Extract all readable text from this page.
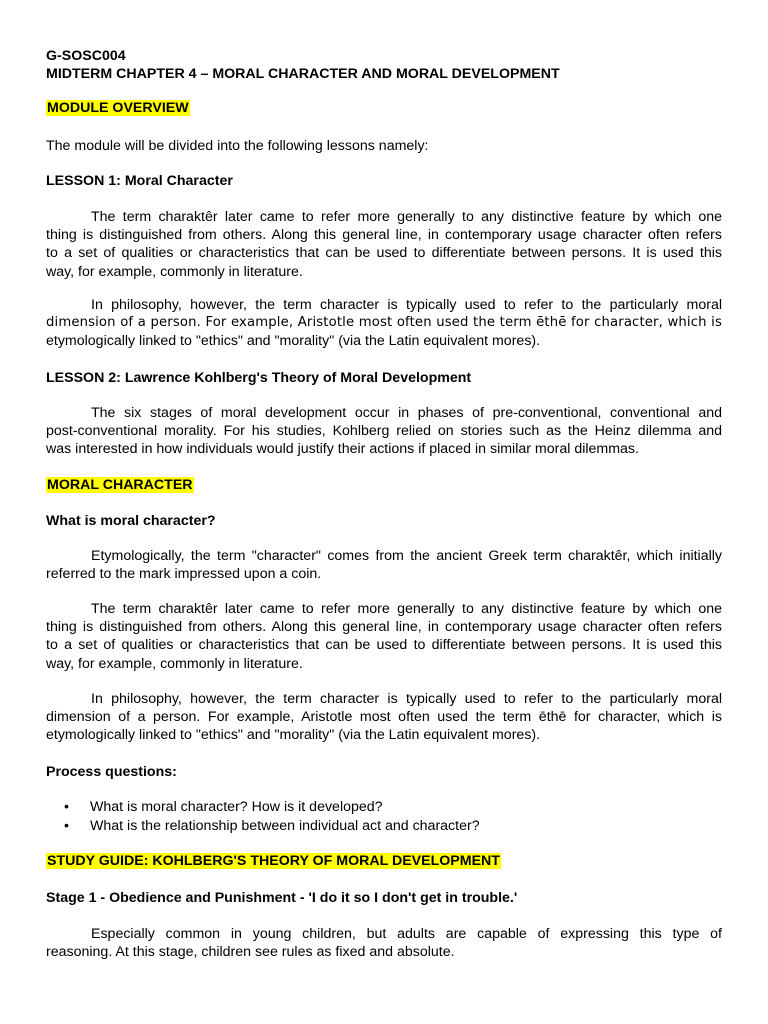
G-SOSC004
MIDTERM CHAPTER 4 – MORAL CHARACTER AND MORAL DEVELOPMENT
MODULE OVERVIEW
The module will be divided into the following lessons namely:
LESSON 1: Moral Character
The term charaktêr later came to refer more generally to any distinctive feature by which one
thing is distinguished from others. Along this general line, in contemporary usage character often refers
to a set of qualities or characteristics that can be used to differentiate between persons. It is used this
way, for example, commonly in literature.
In philosophy, however, the term character is typically used to refer to the particularly moral
dimension of a person. For example, Aristotle most often used the term ēthē for character, which is
etymologically linked to "ethics" and "morality" (via the Latin equivalent mores).
LESSON 2: Lawrence Kohlberg's Theory of Moral Development
The six stages of moral development occur in phases of pre-conventional, conventional and
post-conventional morality. For his studies, Kohlberg relied on stories such as the Heinz dilemma and
was interested in how individuals would justify their actions if placed in similar moral dilemmas.
MORAL CHARACTER
What is moral character?
Etymologically, the term "character" comes from the ancient Greek term charaktêr, which initially
referred to the mark impressed upon a coin.
The term charaktêr later came to refer more generally to any distinctive feature by which one
thing is distinguished from others. Along this general line, in contemporary usage character often refers
to a set of qualities or characteristics that can be used to differentiate between persons. It is used this
way, for example, commonly in literature.
In philosophy, however, the term character is typically used to refer to the particularly moral
dimension of a person. For example, Aristotle most often used the term ēthē for character, which is
etymologically linked to "ethics" and "morality" (via the Latin equivalent mores).
Process questions:
• What is moral character? How is it developed?
• What is the relationship between individual act and character?
STUDY GUIDE: KOHLBERG'S THEORY OF MORAL DEVELOPMENT
Stage 1 - Obedience and Punishment - 'I do it so I don't get in trouble.'
Especially common in young children, but adults are capable of expressing this type of
reasoning. At this stage, children see rules as fixed and absolute.
